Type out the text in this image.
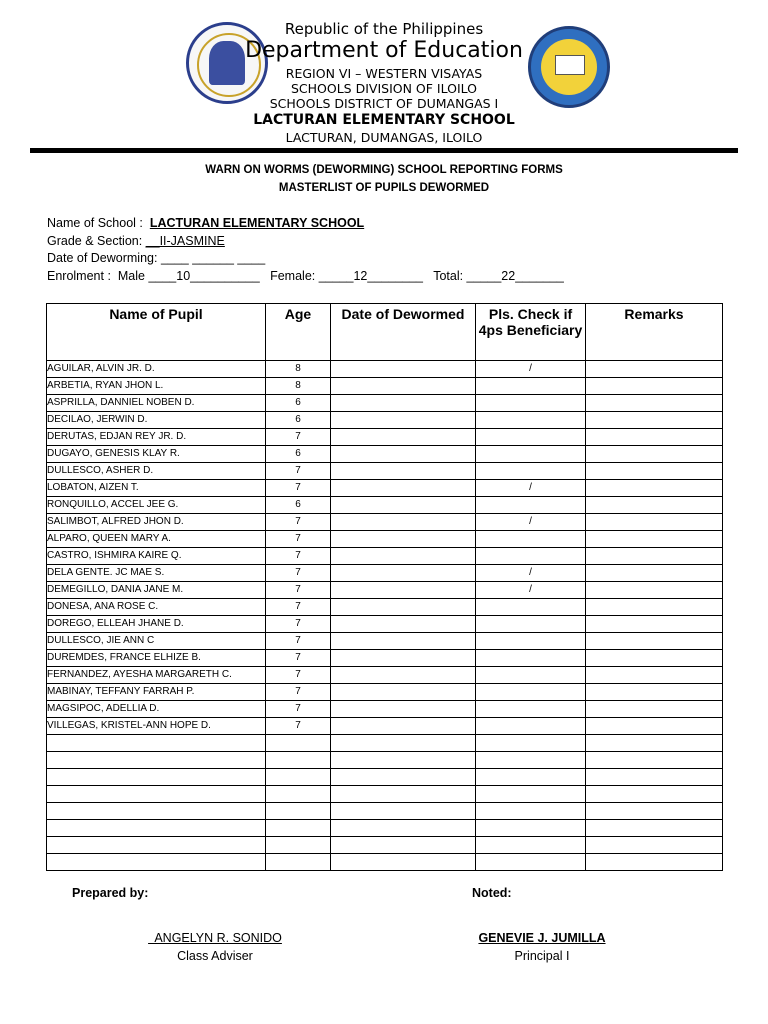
Republic of the Philippines
Department of Education
REGION VI – WESTERN VISAYAS
SCHOOLS DIVISION OF ILOILO
SCHOOLS DISTRICT OF DUMANGAS I
LACTURAN ELEMENTARY SCHOOL
LACTURAN, DUMANGAS, ILOILO
WARN ON WORMS (DEWORMING) SCHOOL REPORTING FORMS
MASTERLIST OF PUPILS DEWORMED
Name of School :  LACTURAN ELEMENTARY SCHOOL
Grade & Section: __II-JASMINE
Date of Deworming: ____ ______ ____
Enrolment :  Male ____10__________   Female: _____12________   Total: _____22_______
Name of Pupil	Age	Date of Dewormed	Pls. Check if 4ps Beneficiary	Remarks
AGUILAR, ALVIN JR. D.	8		/	
ARBETIA, RYAN JHON L.	8			
ASPRILLA, DANNIEL NOBEN D.	6			
DECILAO, JERWIN D.	6			
DERUTAS, EDJAN REY JR. D.	7			
DUGAYO, GENESIS KLAY R.	6			
DULLESCO, ASHER D.	7			
LOBATON, AIZEN T.	7		/	
RONQUILLO, ACCEL JEE G.	6			
SALIMBOT, ALFRED JHON D.	7		/	
ALPARO, QUEEN MARY A.	7			
CASTRO, ISHMIRA KAIRE Q.	7			
DELA GENTE. JC MAE S.	7		/	
DEMEGILLO, DANIA JANE M.	7		/	
DONESA, ANA ROSE C.	7			
DOREGO, ELLEAH JHANE D.	7			
DULLESCO, JIE ANN C	7			
DUREMDES, FRANCE ELHIZE B.	7			
FERNANDEZ, AYESHA MARGARETH C.	7			
MABINAY, TEFFANY FARRAH P.	7			
MAGSIPOC, ADELLIA D.	7			
VILLEGAS, KRISTEL-ANN HOPE D.	7			

Prepared by:	Noted:
ANGELYN R. SONIDO
Class Adviser
GENEVIE J. JUMILLA
Principal I
